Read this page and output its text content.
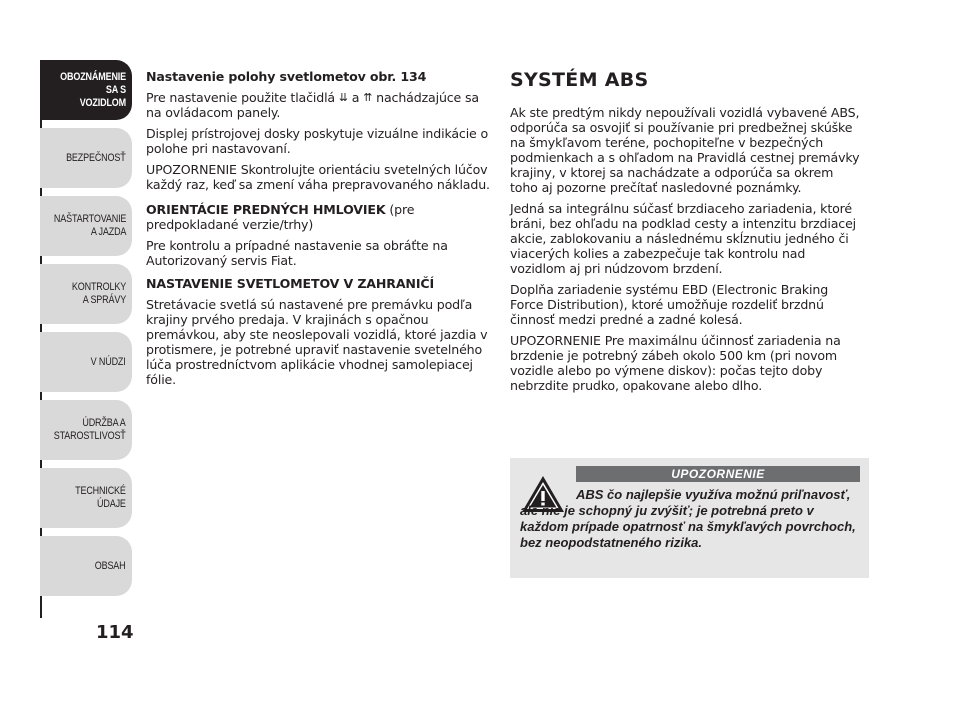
OBOZNÁMENIE
SA S VOZIDLOM
BEZPEČNOSŤ
NAŠTARTOVANIE
A JAZDA
KONTROLKY
A SPRÁVY
V NÚDZI
ÚDRŽBA A
STAROSTLIVOSŤ
TECHNICKÉ
ÚDAJE
OBSAH
114
Nastavenie polohy svetlometov obr. 134

Pre nastavenie použite tlačidlá ⇊ a ⇈ nachádzajúce sa na ovládacom panely.

Displej prístrojovej dosky poskytuje vizuálne indikácie o polohe pri nastavovaní.

UPOZORNENIE Skontrolujte orientáciu svetelných lúčov každý raz, keď sa zmení váha prepravovaného nákladu.

ORIENTÁCIE PREDNÝCH HMLOVIEK (pre predpokladané verzie/trhy)

Pre kontrolu a prípadné nastavenie sa obráťte na Autorizovaný servis Fiat.

NASTAVENIE SVETLOMETOV V ZAHRANIČÍ

Stretávacie svetlá sú nastavené pre premávku podľa krajiny prvého predaja. V krajinách s opačnou premávkou, aby ste neoslepovali vozidlá, ktoré jazdia v protismere, je potrebné upraviť nastavenie svetelného lúča prostredníctvom aplikácie vhodnej samolepiacej fólie.

SYSTÉM ABS

Ak ste predtým nikdy nepoužívali vozidlá vybavené ABS, odporúča sa osvojiť si používanie pri predbežnej skúške na šmykľavom teréne, pochopiteľne v bezpečných podmienkach a s ohľadom na Pravidlá cestnej premávky krajiny, v ktorej sa nachádzate a odporúča sa okrem toho aj pozorne prečítať nasledovné poznámky.

Jedná sa integrálnu súčasť brzdiaceho zariadenia, ktoré bráni, bez ohľadu na podklad cesty a intenzitu brzdiacej akcie, zablokovaniu a následnému skĺznutiu jedného či viacerých kolies a zabezpečuje tak kontrolu nad vozidlom aj pri núdzovom brzdení.

Doplňa zariadenie systému EBD (Electronic Braking Force Distribution), ktoré umožňuje rozdeliť brzdnú činnosť medzi predné a zadné kolesá.

UPOZORNENIE Pre maximálnu účinnosť zariadenia na brzdenie je potrebný zábeh okolo 500 km (pri novom vozidle alebo po výmene diskov): počas tejto doby nebrzdite prudko, opakovane alebo dlho.

UPOZORNENIE
ABS čo najlepšie využíva možnú priľnavosť, ale nie je schopný ju zvýšiť; je potrebná preto v každom prípade opatrnosť na šmykľavých povrchoch, bez neopodstatneného rizika.
